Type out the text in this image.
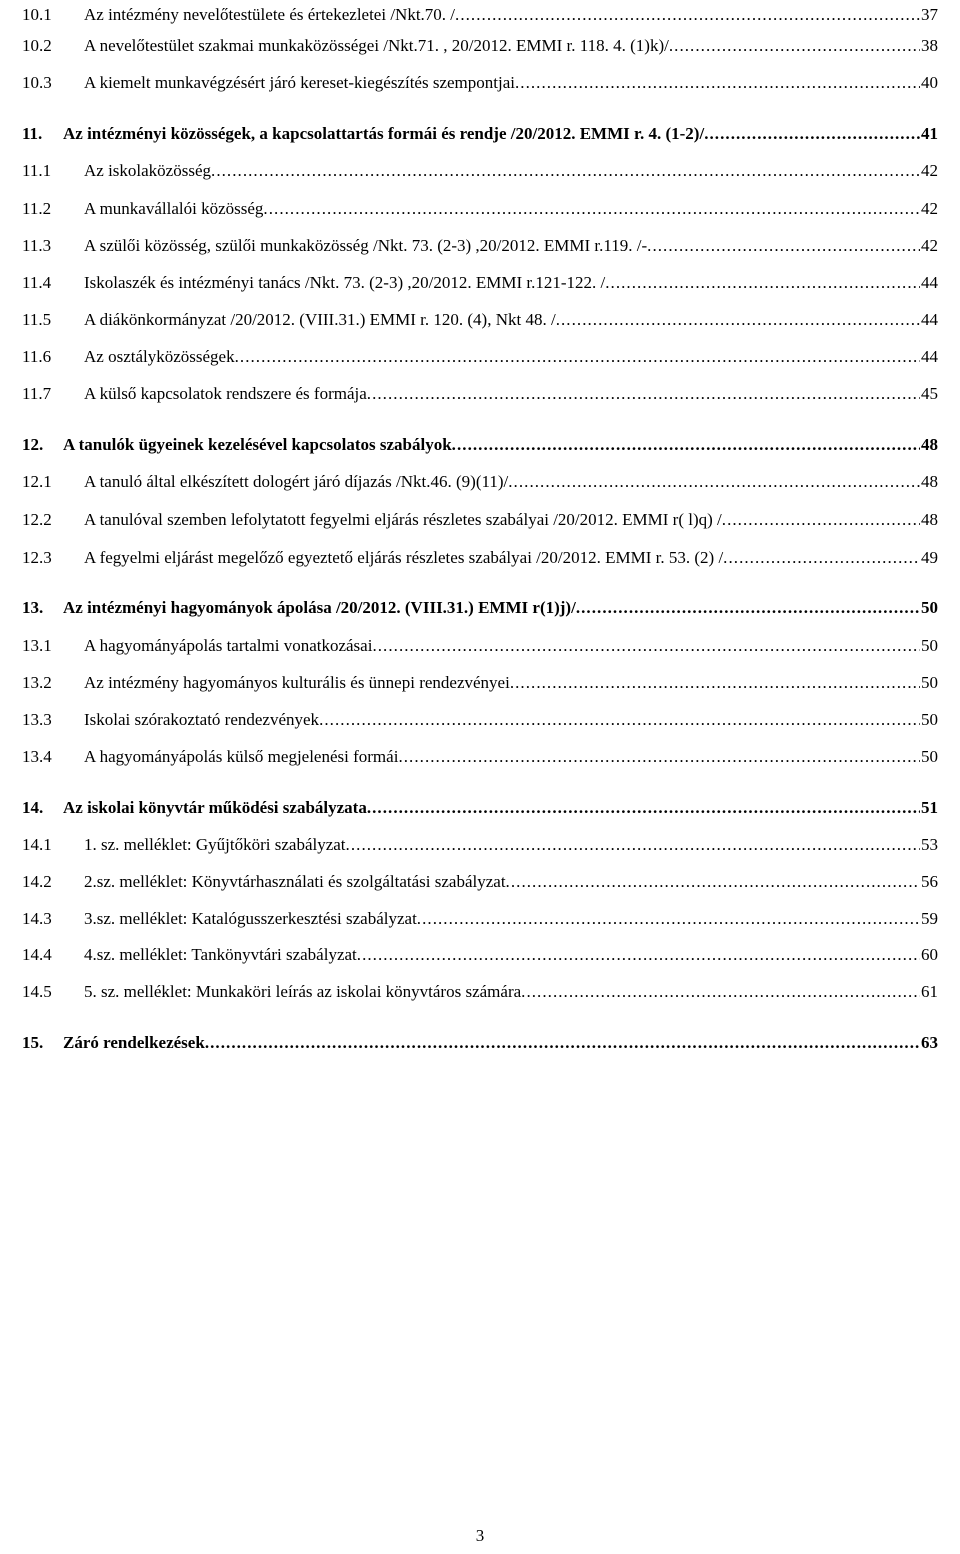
10.1 Az intézmény nevelőtestülete és értekezletei /Nkt.70. / . . .	37
10.2 A nevelőtestület szakmai munkaközösségei /Nkt.71. , 20/2012. EMMI r. 118. 4. (1)k)/ . . .	38
10.3 A kiemelt munkavégzésért járó kereset-kiegészítés szempontjai . . .	40
11. Az intézményi közösségek, a kapcsolattartás formái és rendje /20/2012. EMMI r. 4. (1-2)/ . . .	41
11.1 Az iskolaközösség . . .	42
11.2 A munkavállalói közösség . . .	42
11.3 A szülői közösség, szülői munkaközösség /Nkt. 73. (2-3) ,20/2012. EMMI r.119. /- . . .	42
11.4 Iskolaszék és intézményi tanács /Nkt. 73. (2-3) ,20/2012. EMMI r.121-122. / . . .	44
11.5 A diákönkormányzat /20/2012. (VIII.31.) EMMI r. 120. (4), Nkt 48. / . . .	44
11.6 Az osztályközösségek . . .	44
11.7 A külső kapcsolatok rendszere és formája . . .	45
12. A tanulók ügyeinek kezelésével kapcsolatos szabályok . . .	48
12.1 A tanuló által elkészített dologért járó díjazás /Nkt.46. (9)(11)/ . . .	48
12.2 A tanulóval szemben lefolytatott fegyelmi eljárás részletes szabályai /20/2012. EMMI r( l)q) / . . .	48
12.3 A fegyelmi eljárást megelőző egyeztető eljárás részletes szabályai /20/2012. EMMI r. 53. (2) / . . .	49
13. Az intézményi hagyományok ápolása /20/2012. (VIII.31.) EMMI r(1)j)/ . . .	50
13.1 A hagyományápolás tartalmi vonatkozásai . . .	50
13.2 Az intézmény hagyományos kulturális és ünnepi rendezvényei . . .	50
13.3 Iskolai szórakoztató rendezvények . . .	50
13.4 A hagyományápolás külső megjelenési formái . . .	50
14. Az iskolai könyvtár működési szabályzata . . .	51
14.1 1. sz. melléklet: Gyűjtőköri szabályzat . . .	53
14.2 2.sz. melléklet: Könyvtárhasználati és szolgáltatási szabályzat . . .	56
14.3 3.sz. melléklet: Katalógusszerkesztési szabályzat . . .	59
14.4 4.sz. melléklet: Tankönyvtári szabályzat . . .	60
14.5 5. sz. melléklet: Munkaköri leírás az iskolai könyvtáros számára . . .	61
15. Záró rendelkezések . . .	63
3
